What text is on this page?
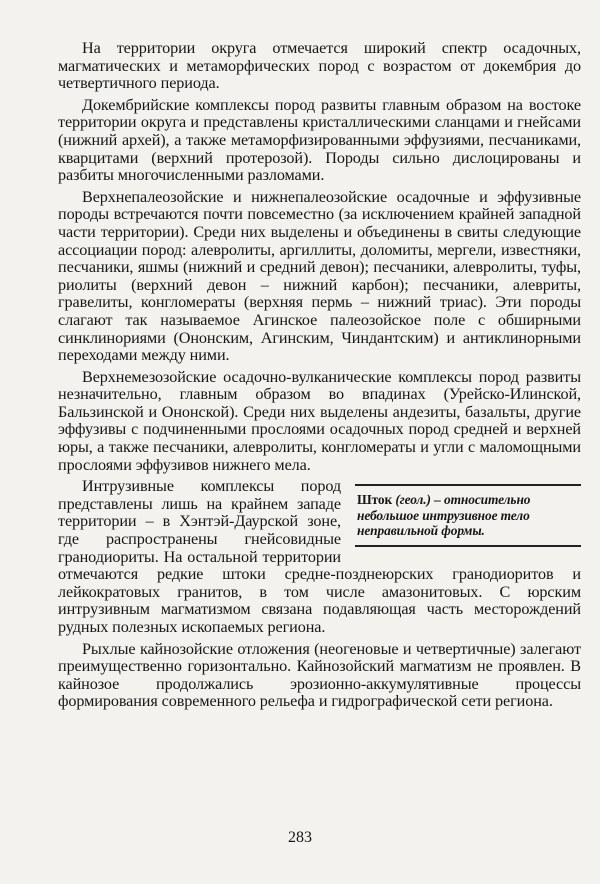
На территории округа отмечается широкий спектр осадочных, магматических и метаморфических пород с возрастом от докембрия до четвертичного периода.

Докембрийские комплексы пород развиты главным образом на востоке территории округа и представлены кристаллическими сланцами и гнейсами (нижний архей), а также метаморфизированными эффузиями, песчаниками, кварцитами (верхний протерозой). Породы сильно дислоцированы и разбиты многочисленными разломами.

Верхнепалеозойские и нижнепалеозойские осадочные и эффузивные породы встречаются почти повсеместно (за исключением крайней западной части территории). Среди них выделены и объединены в свиты следующие ассоциации пород: алевролиты, аргиллиты, доломиты, мергели, известняки, песчаники, яшмы (нижний и средний девон); песчаники, алевролиты, туфы, риолиты (верхний девон – нижний карбон); песчаники, алевриты, гравелиты, конгломераты (верхняя пермь – нижний триас). Эти породы слагают так называемое Агинское палеозойское поле с обширными синклинориями (Ононским, Агинским, Чиндантским) и антиклинорными переходами между ними.

Верхнемезозойские осадочно-вулканические комплексы пород развиты незначительно, главным образом во впадинах (Урейско-Илинской, Бальзинской и Ононской). Среди них выделены андезиты, базальты, другие эффузивы с подчиненными прослоями осадочных пород средней и верхней юры, а также песчаники, алевролиты, конгломераты и угли с маломощными прослоями эффузивов нижнего мела.

Шток (геол.) – относительно небольшое интрузивное тело неправильной формы.
Интрузивные комплексы пород представлены лишь на крайнем западе территории – в Хэнтэй-Даурской зоне, где распространены гнейсовидные гранодиориты. На остальной территории отмечаются редкие штоки средне-позднеюрских гранодиоритов и лейкократовых гранитов, в том числе амазонитовых. С юрским интрузивным магматизмом связана подавляющая часть месторождений рудных полезных ископаемых региона.

Рыхлые кайнозойские отложения (неогеновые и четвертичные) залегают преимущественно горизонтально. Кайнозойский магматизм не проявлен. В кайнозое продолжались эрозионно-аккумулятивные процессы формирования современного рельефа и гидрографической сети региона.

283
